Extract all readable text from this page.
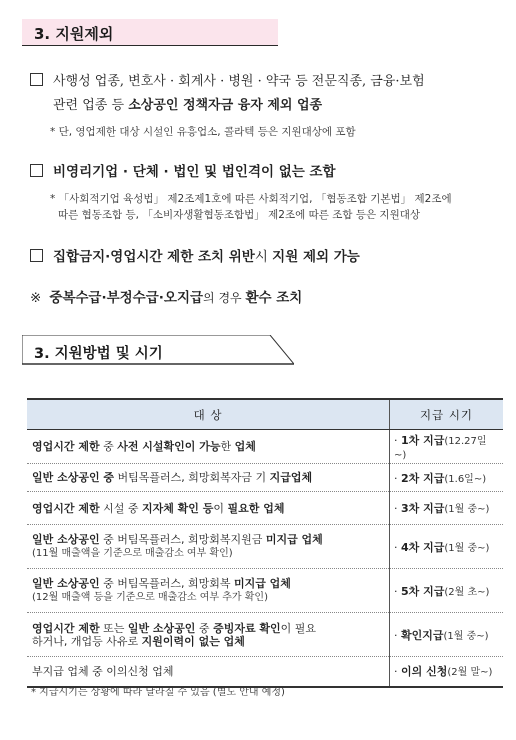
3. 지원제외
사행성 업종, 변호사 · 회계사 · 병원 · 약국 등 전문직종, 금융·보험
관련 업종 등 소상공인 정책자금 융자 제외 업종
* 단, 영업제한 대상 시설인 유흥업소, 콜라텍 등은 지원대상에 포함
비영리기업 · 단체 · 법인 및 법인격이 없는 조합
* 「사회적기업 육성법」 제2조제1호에 따른 사회적기업, 「협동조합 기본법」 제2조에
따른 협동조합 등, 「소비자생활협동조합법」 제2조에 따른 조합 등은 지원대상
집합금지·영업시간 제한 조치 위반시 지원 제외 가능
※ 중복수급·부정수급·오지급의 경우 환수 조치
3. 지원방법 및 시기
대 상	지급 시기
영업시간 제한 중 사전 시설확인이 가능한 업체	· 1차 지급(12.27일~)
일반 소상공인 중 버팀목플러스, 희망회복자금 기 지급업체	· 2차 지급(1.6일~)
영업시간 제한 시설 중 지자체 확인 등이 필요한 업체	· 3차 지급(1월 중~)
일반 소상공인 중 버팀목플러스, 희망회복지원금 미지급 업체
(11월 매출액을 기준으로 매출감소 여부 확인)	· 4차 지급(1월 중~)
일반 소상공인 중 버팀목플러스, 희망회복 미지급 업체
(12월 매출액 등을 기준으로 매출감소 여부 추가 확인)	· 5차 지급(2월 초~)
영업시간 제한 또는 일반 소상공인 중 증빙자료 확인이 필요
하거나, 개업등 사유로 지원이력이 없는 업체	· 확인지급(1월 중~)
부지급 업체 중 이의신청 업체	· 이의 신청(2월 말~)
* 지급시기는 상황에 따라 달라질 수 있음 (별도 안내 예정)
